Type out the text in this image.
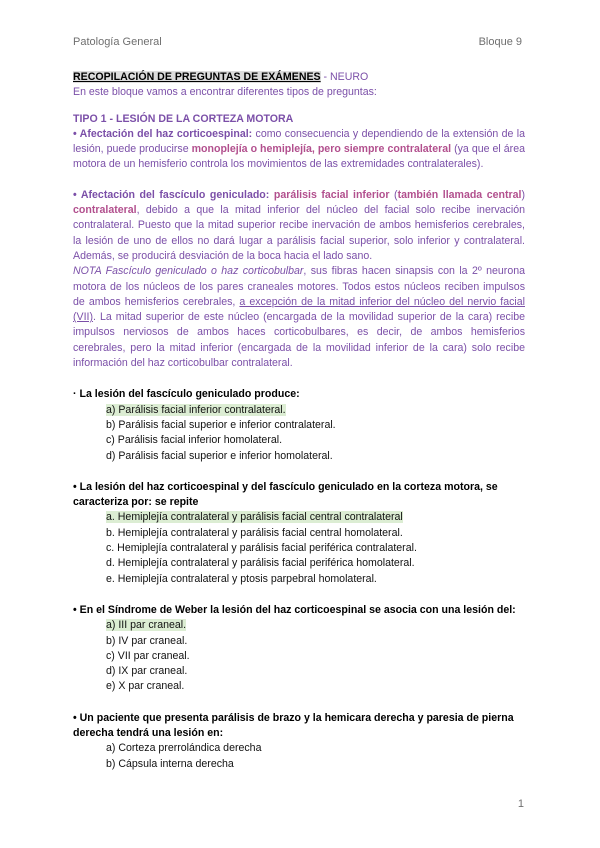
Patología General	Bloque 9

RECOPILACIÓN DE PREGUNTAS DE EXÁMENES - NEURO

En este bloque vamos a encontrar diferentes tipos de preguntas:

TIPO 1 - LESIÓN DE LA CORTEZA MOTORA

• Afectación del haz corticoespinal: como consecuencia y dependiendo de la extensión de la lesión, puede producirse monoplejía o hemiplejía, pero siempre contralateral (ya que el área motora de un hemisferio controla los movimientos de las extremidades contralaterales).

• Afectación del fascículo geniculado: parálisis facial inferior (también llamada central) contralateral, debido a que la mitad inferior del núcleo del facial solo recibe inervación contralateral. Puesto que la mitad superior recibe inervación de ambos hemisferios cerebrales, la lesión de uno de ellos no dará lugar a parálisis facial superior, solo inferior y contralateral. Además, se producirá desviación de la boca hacia el lado sano.

NOTA Fascículo geniculado o haz corticobulbar, sus fibras hacen sinapsis con la 2º neurona motora de los núcleos de los pares craneales motores. Todos estos núcleos reciben impulsos de ambos hemisferios cerebrales, a excepción de la mitad inferior del núcleo del nervio facial (VII). La mitad superior de este núcleo (encargada de la movilidad superior de la cara) recibe impulsos nerviosos de ambos haces corticobulbares, es decir, de ambos hemisferios cerebrales, pero la mitad inferior (encargada de la movilidad inferior de la cara) solo recibe información del haz corticobulbar contralateral.

· La lesión del fascículo geniculado produce:

a) Parálisis facial inferior contralateral.
b) Parálisis facial superior e inferior contralateral.
c) Parálisis facial inferior homolateral.
d) Parálisis facial superior e inferior homolateral.

• La lesión del haz corticoespinal y del fascículo geniculado en la corteza motora, se caracteriza por: se repite

a. Hemiplejía contralateral y parálisis facial central contralateral
b. Hemiplejía contralateral y parálisis facial central homolateral.
c. Hemiplejía contralateral y parálisis facial periférica contralateral.
d. Hemiplejía contralateral y parálisis facial periférica homolateral.
e. Hemiplejía contralateral y ptosis parpebral homolateral.

• En el Síndrome de Weber la lesión del haz corticoespinal se asocia con una lesión del:

a) III par craneal.
b) IV par craneal.
c) VII par craneal.
d) IX par craneal.
e) X par craneal.

• Un paciente que presenta parálisis de brazo y la hemicara derecha y paresia de pierna derecha tendrá una lesión en:

a) Corteza prerrolándica derecha
b) Cápsula interna derecha
1
